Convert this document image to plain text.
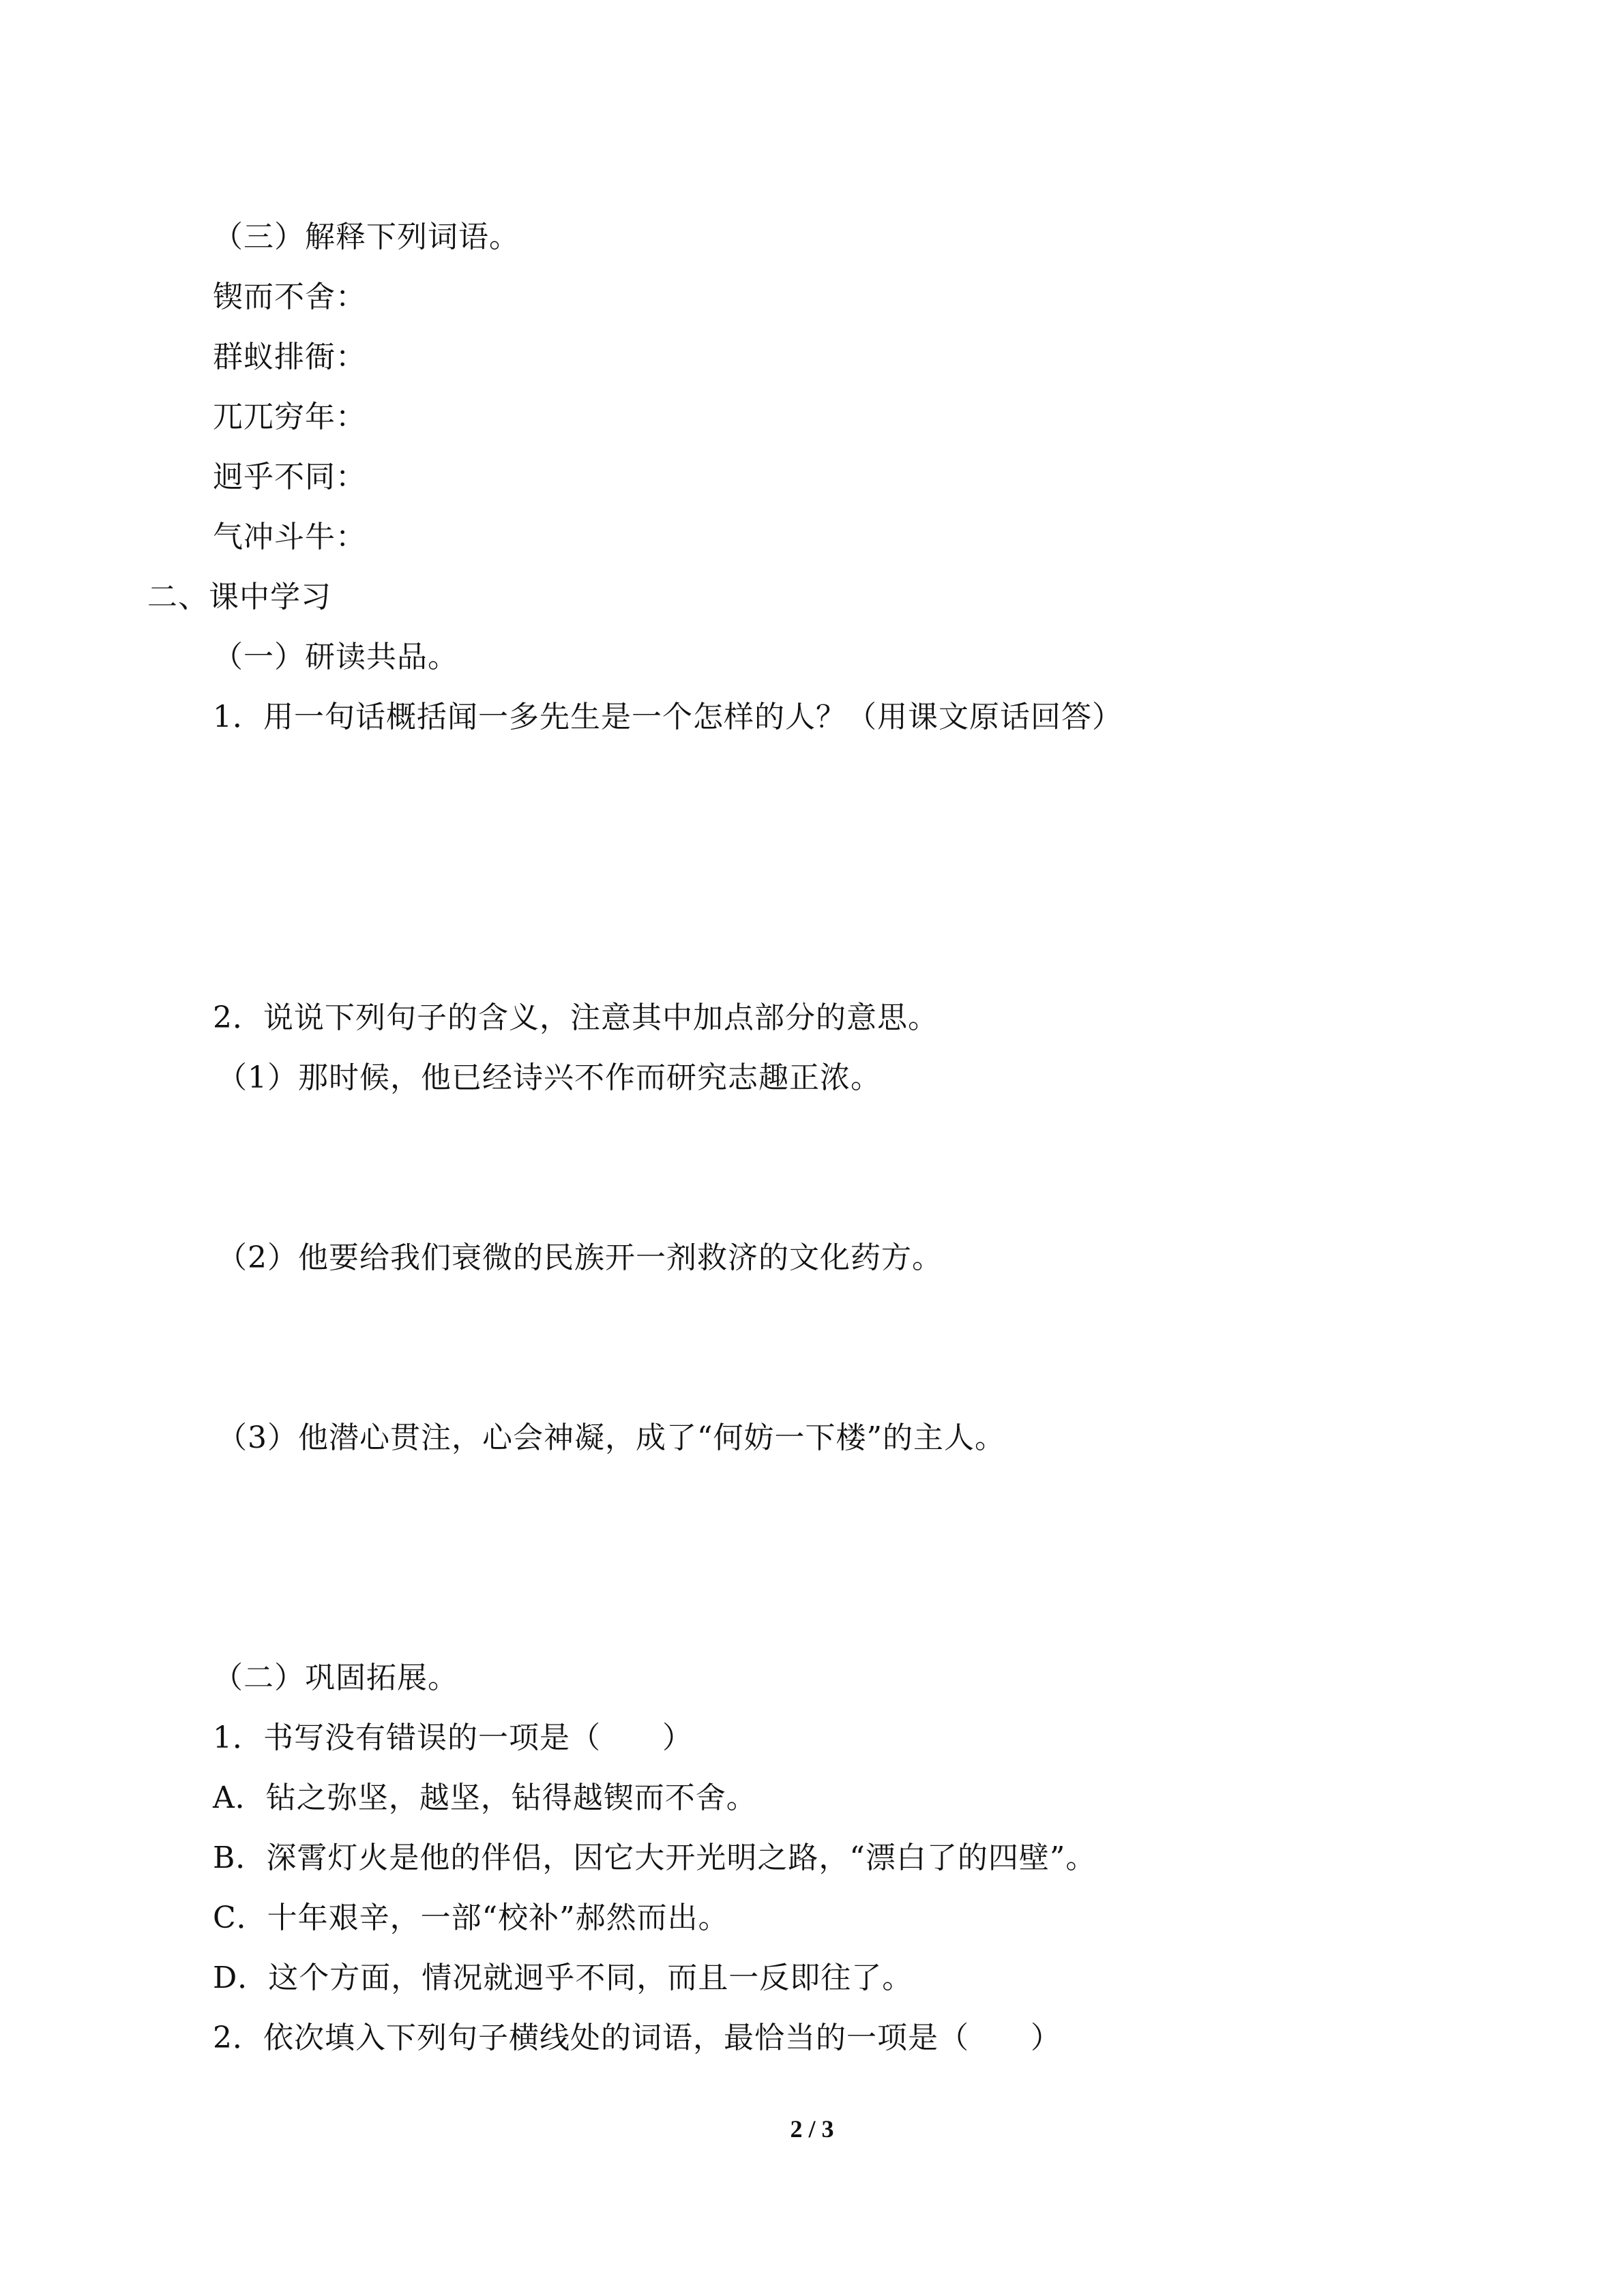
（三）解释下列词语。
锲而不舍：
群蚁排衙：
兀兀穷年：
迥乎不同：
气冲斗牛：
二、课中学习
（一）研读共品。
1．用一句话概括闻一多先生是一个怎样的人？（用课文原话回答）
2．说说下列句子的含义，注意其中加点部分的意思。
（1）那时候，他已经诗兴不作而研究志趣正浓。
（2）他要给我们衰微的民族开一剂救济的文化药方。
（3）他潜心贯注，心会神凝，成了“何妨一下楼”的主人。
（二）巩固拓展。
1．书写没有错误的一项是（　　）
A．钻之弥坚，越坚，钻得越锲而不舍。
B．深霄灯火是他的伴侣，因它大开光明之路，“漂白了的四壁”。
C．十年艰辛，一部“校补”郝然而出。
D．这个方面，情况就迥乎不同，而且一反即往了。
2．依次填入下列句子横线处的词语，最恰当的一项是（　　）
2 / 3
